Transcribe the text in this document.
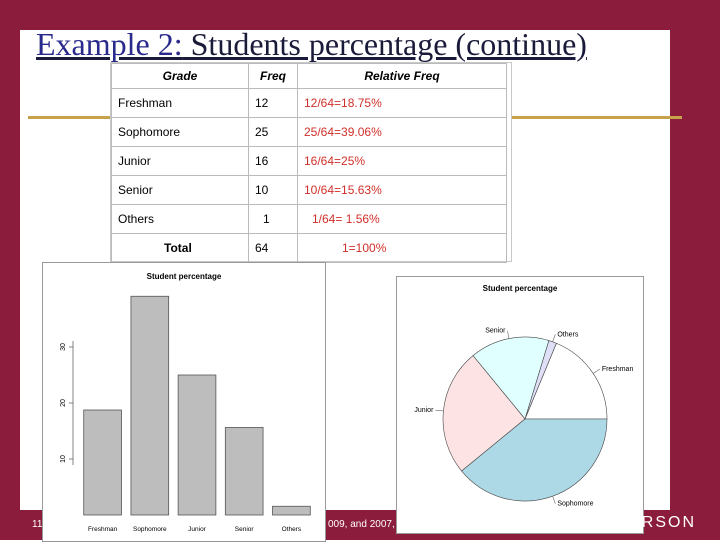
Example 2: Students percentage (continue)
Grade	Freq	Relative Freq
Freshman	12	12/64=18.75%
Sophomore	25	25/64=39.06%
Junior	16	16/64=25%
Senior	10	10/64=15.63%
Others	1	1/64= 1.56%
Total	64	1=100%
Student percentage
10
20
30
Freshman Sophomore	Junior	Senior	Others
Student percentage
Freshman
Others
Senior
Junior
Sophomore
11	009, and 2007, Pearson Education, Inc.	PEARSON
